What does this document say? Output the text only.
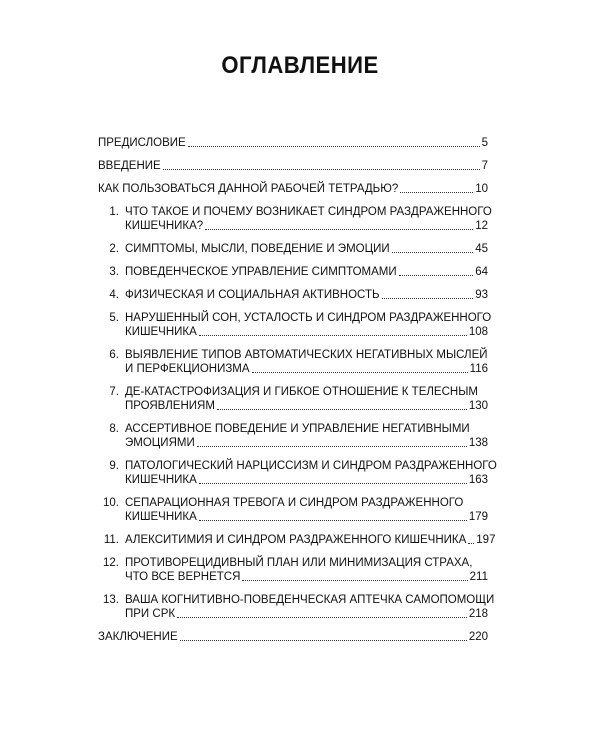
ОГЛАВЛЕНИЕ
ПРЕДИСЛОВИЕ	5
ВВЕДЕНИЕ	7
КАК ПОЛЬЗОВАТЬСЯ ДАННОЙ РАБОЧЕЙ ТЕТРАДЬЮ?	10
1. ЧТО ТАКОЕ И ПОЧЕМУ ВОЗНИКАЕТ СИНДРОМ РАЗДРАЖЕННОГО
КИШЕЧНИКА?	12
2. СИМПТОМЫ, МЫСЛИ, ПОВЕДЕНИЕ И ЭМОЦИИ	45
3. ПОВЕДЕНЧЕСКОЕ УПРАВЛЕНИЕ СИМПТОМАМИ	64
4. ФИЗИЧЕСКАЯ И СОЦИАЛЬНАЯ АКТИВНОСТЬ	93
5. НАРУШЕННЫЙ СОН, УСТАЛОСТЬ И СИНДРОМ РАЗДРАЖЕННОГО
КИШЕЧНИКА	108
6. ВЫЯВЛЕНИЕ ТИПОВ АВТОМАТИЧЕСКИХ НЕГАТИВНЫХ МЫСЛЕЙ
И ПЕРФЕКЦИОНИЗМА	116
7. ДЕ-КАТАСТРОФИЗАЦИЯ И ГИБКОЕ ОТНОШЕНИЕ К ТЕЛЕСНЫМ
ПРОЯВЛЕНИЯМ	130
8. АССЕРТИВНОЕ ПОВЕДЕНИЕ И УПРАВЛЕНИЕ НЕГАТИВНЫМИ
ЭМОЦИЯМИ	138
9. ПАТОЛОГИЧЕСКИЙ НАРЦИССИЗМ И СИНДРОМ РАЗДРАЖЕННОГО
КИШЕЧНИКА	163
10. СЕПАРАЦИОННАЯ ТРЕВОГА И СИНДРОМ РАЗДРАЖЕННОГО
КИШЕЧНИКА	179
11. АЛЕКСИТИМИЯ И СИНДРОМ РАЗДРАЖЕННОГО КИШЕЧНИКА 197
12. ПРОТИВОРЕЦИДИВНЫЙ ПЛАН ИЛИ МИНИМИЗАЦИЯ СТРАХА,
ЧТО ВСЕ ВЕРНЕТСЯ	211
13. ВАША КОГНИТИВНО-ПОВЕДЕНЧЕСКАЯ АПТЕЧКА САМОПОМОЩИ
ПРИ СРК	218
ЗАКЛЮЧЕНИЕ	220
